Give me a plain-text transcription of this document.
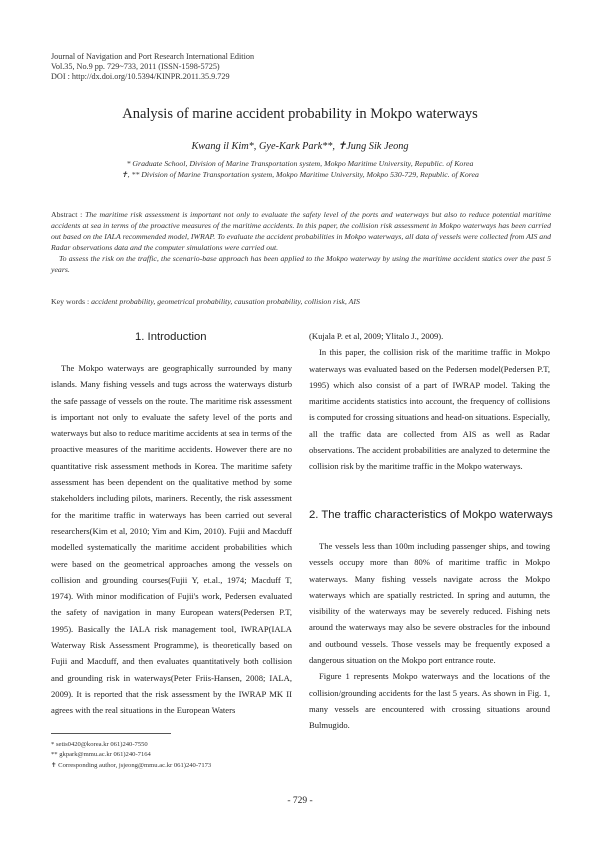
Journal of Navigation and Port Research International Edition
Vol.35, No.9 pp. 729~733, 2011 (ISSN-1598-5725)
DOI : http://dx.doi.org/10.5394/KINPR.2011.35.9.729
Analysis of marine accident probability in Mokpo waterways
Kwang il Kim*, Gye-Kark Park**, ✝Jung Sik Jeong
* Graduate School, Division of Marine Transportation system, Mokpo Maritime University, Republic. of Korea
✝, ** Division of Marine Transportation system, Mokpo Maritime University, Mokpo 530-729, Republic. of Korea

Abstract : The maritime risk assessment is important not only to evaluate the safety level of the ports and waterways but also to reduce potential maritime accidents at sea in terms of the proactive measures of the maritime accidents. In this paper, the collision risk assessment in Mokpo waterways has been carried out based on the IALA recommended model, IWRAP. To evaluate the accident probabilities in Mokpo waterways, all data of vessels were collected from AIS and Radar observations data and the computer simulations were carried out.

To assess the risk on the traffic, the scenario-base approach has been applied to the Mokpo waterway by using the maritime accident statics over the past 5 years.

Key words : accident probability, geometrical probability, causation probability, collision risk, AIS
1. Introduction

The Mokpo waterways are geographically surrounded by many islands. Many fishing vessels and tugs across the waterways disturb the safe passage of vessels on the route. The maritime risk assessment is important not only to evaluate the safety level of the ports and waterways but also to reduce maritime accidents at sea in terms of the proactive measures of the maritime accidents. However there are no quantitative risk assessment methods in Korea. The maritime safety assessment has been dependent on the qualitative method by some stakeholders including pilots, mariners. Recently, the risk assessment for the maritime traffic in waterways has been carried out several researchers(Kim et al, 2010; Yim and Kim, 2010). Fujii and Macduff modelled systematically the maritime accident probabilities which were based on the geometrical approaches among the vessels on collision and grounding courses(Fujii Y, et.al., 1974; Macduff T, 1974). With minor modification of Fujii's work, Pedersen evaluated the safety of navigation in many European waters(Pedersen P.T, 1995). Basically the IALA risk management tool, IWRAP(IALA Waterway Risk Assessment Programme), is theoretically based on Fujii and Macduff, and then evaluates quantitatively both collision and grounding risk in waterways(Peter Friis-Hansen, 2008; IALA, 2009). It is reported that the risk assessment by the IWRAP MK II agrees with the real situations in the European Waters

(Kujala P. et al, 2009; Ylitalo J., 2009).

In this paper, the collision risk of the maritime traffic in Mokpo waterways was evaluated based on the Pedersen model(Pedersen P.T, 1995) which also consist of a part of IWRAP model. Taking the maritime accidents statistics into account, the frequency of collisions is computed for crossing situations and head-on situations. Especially, all the traffic data are collected from AIS as well as Radar observations. The accident probabilities are analyzed to determine the collision risk by the maritime traffic in the Mokpo waterways.

2. The traffic characteristics of Mokpo waterways

The vessels less than 100m including passenger ships, and towing vessels occupy more than 80% of maritime traffic in Mokpo waterways. Many fishing vessels navigate across the Mokpo waterways which are spatially restricted. In spring and autumn, the visibility of the waterways may be severely reduced. Fishing nets around the waterways may also be severe obstracles for the inbound and outbound vessels. Those vessels may be frequently exposed a dangerous situation on the Mokpo port entrance route.

Figure 1 represents Mokpo waterways and the locations of the collision/grounding accidents for the last 5 years. As shown in Fig. 1, many vessels are encountered with crossing situations around Bulmugido.

* setis0420@korea.kr 061)240-7550
** gkpark@mmu.ac.kr 061)240-7164
✝ Corresponding author, jsjeong@mmu.ac.kr 061)240-7173
- 729 -
